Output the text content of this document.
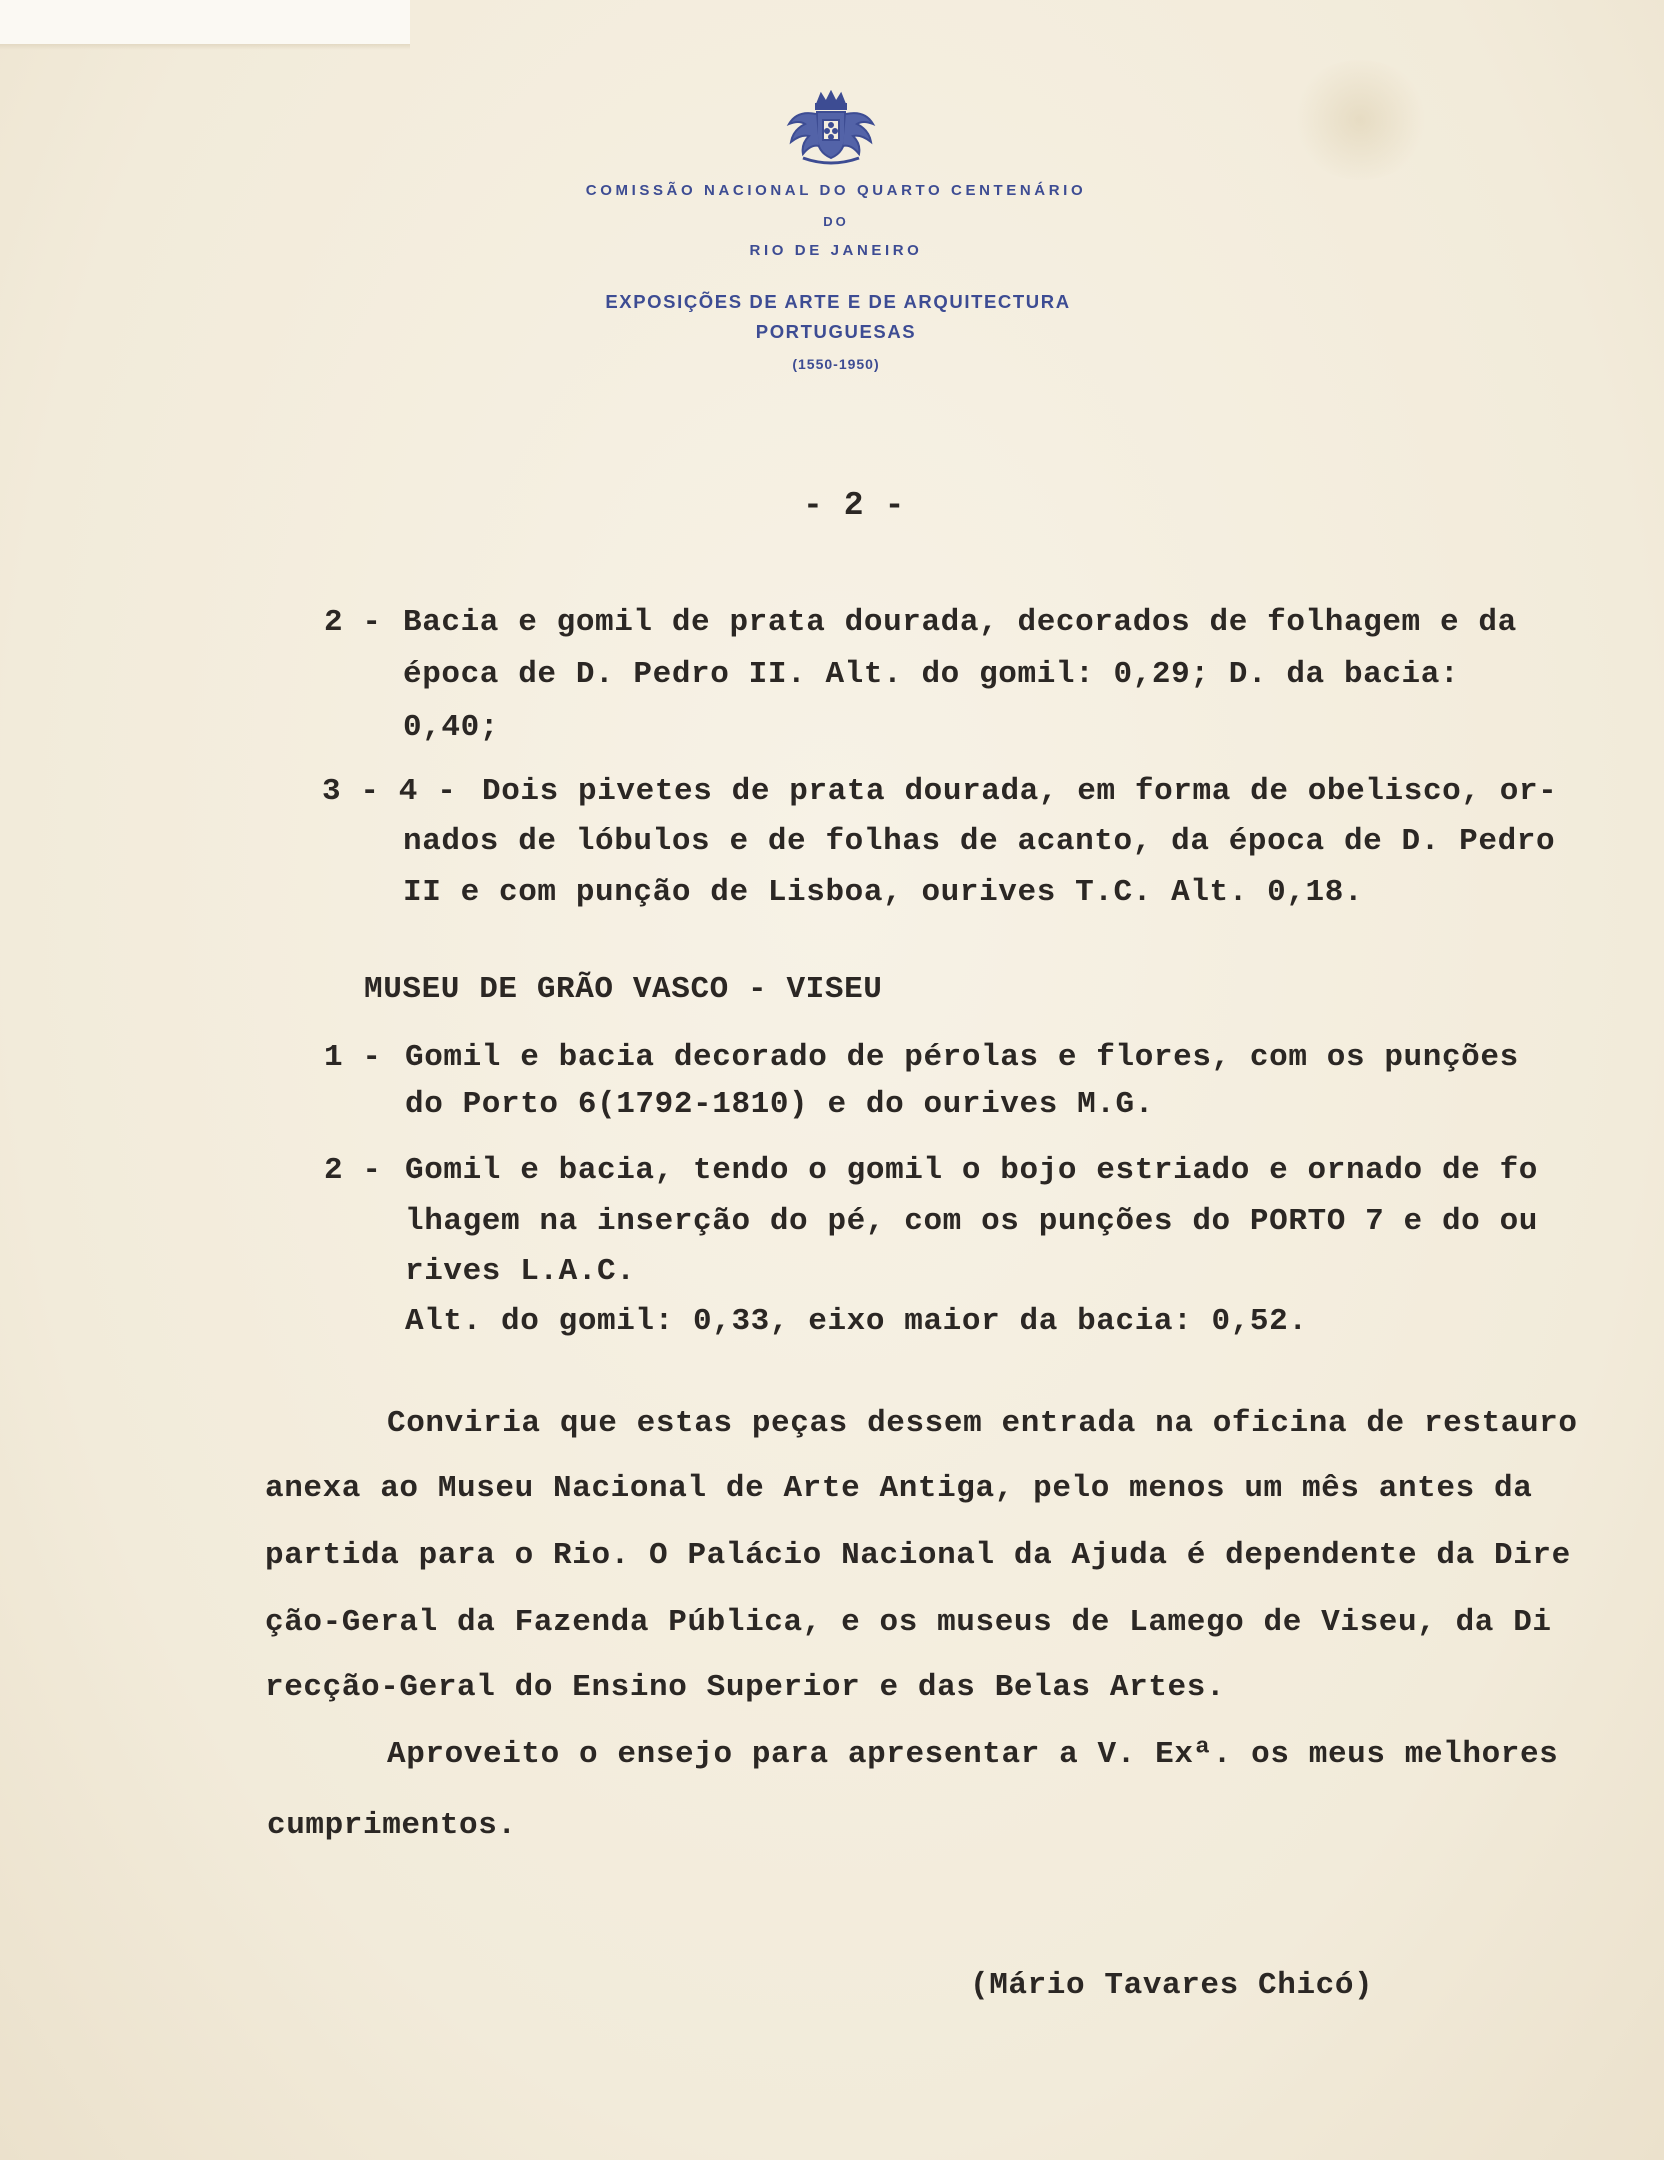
COMISSÃO NACIONAL DO QUARTO CENTENÁRIO
DO
RIO DE JANEIRO
EXPOSIÇÕES DE ARTE E DE ARQUITECTURA
PORTUGUESAS
(1550-1950)
- 2 -
2 - Bacia e gomil de prata dourada, decorados de folhagem e da
época de D. Pedro II. Alt. do gomil: 0,29; D. da bacia:
0,40;
3 - 4 - Dois pivetes de prata dourada, em forma de obelisco, or-
nados de lóbulos e de folhas de acanto, da época de D. Pedro
II e com punção de Lisboa, ourives T.C. Alt. 0,18.
MUSEU DE GRÃO VASCO - VISEU
1 - Gomil e bacia decorado de pérolas e flores, com os punções
do Porto 6(1792-1810) e do ourives M.G.
2 - Gomil e bacia, tendo o gomil o bojo estriado e ornado de fo
lhagem na inserção do pé, com os punções do PORTO 7 e do ou
rives L.A.C.
Alt. do gomil: 0,33, eixo maior da bacia: 0,52.
Conviria que estas peças dessem entrada na oficina de restauro
anexa ao Museu Nacional de Arte Antiga, pelo menos um mês antes da
partida para o Rio. O Palácio Nacional da Ajuda é dependente da Dire
ção-Geral da Fazenda Pública, e os museus de Lamego de Viseu, da Di
recção-Geral do Ensino Superior e das Belas Artes.
Aproveito o ensejo para apresentar a V. Exª. os meus melhores
cumprimentos.
(Mário Tavares Chicó)
